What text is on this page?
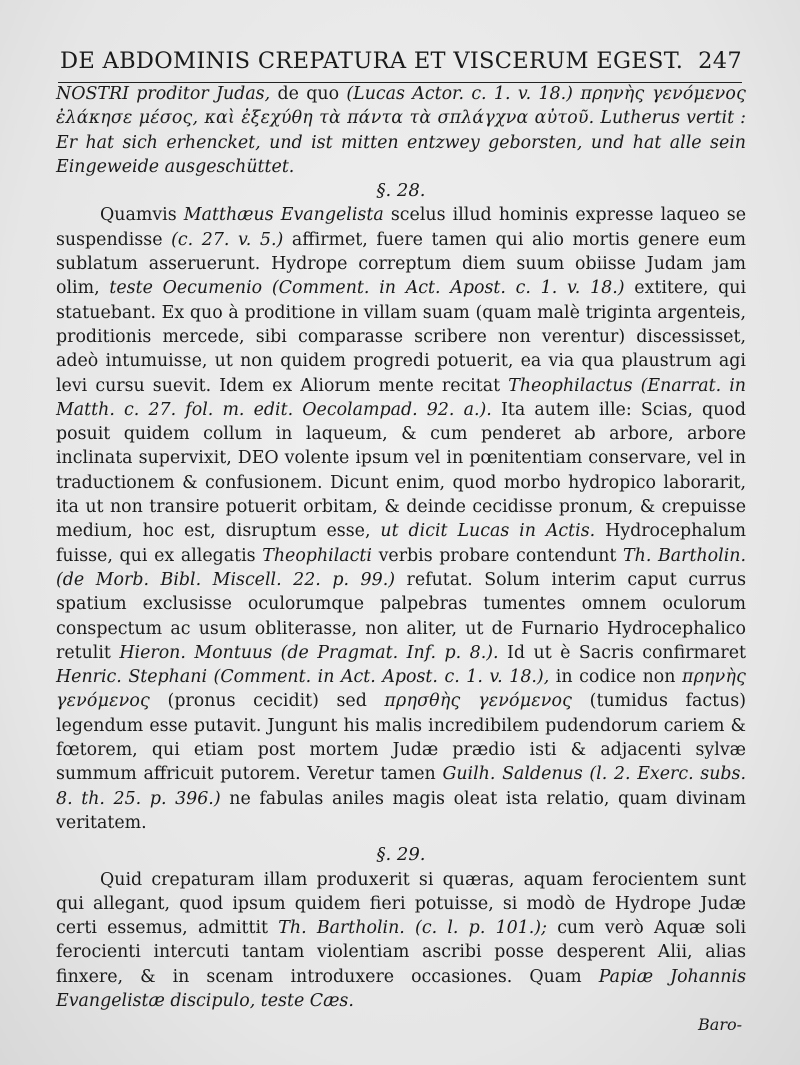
DE ABDOMINIS CREPATURA ET VISCERUM EGEST. 247

NOSTRI proditor Judas, de quo (Lucas Actor. c. 1. v. 18.) πρηνὴς γενόμενος ἐλάκησε μέσος, καὶ ἐξεχύθη τὰ πάντα τὰ σπλάγχνα αὐτοῦ. Lutherus vertit : Er hat sich erhencket, und ist mitten entzwey geborsten, und hat alle sein Eingeweide ausgeschüttet.

§. 28.

Quamvis Matthæus Evangelista scelus illud hominis expresse laqueo se suspendisse (c. 27. v. 5.) affirmet, fuere tamen qui alio mortis genere eum sublatum asseruerunt. Hydrope correptum diem suum obiisse Judam jam olim, teste Oecumenio (Comment. in Act. Apost. c. 1. v. 18.) extitere, qui statuebant. Ex quo à proditione in villam suam (quam malè triginta argenteis, proditionis mercede, sibi comparasse scribere non verentur) discessisset, adeò intumuisse, ut non quidem progredi potuerit, ea via qua plaustrum agi levi cursu suevit. Idem ex Aliorum mente recitat Theophilactus (Enarrat. in Matth. c. 27. fol. m. edit. Oecolampad. 92. a.). Ita autem ille: Scias, quod posuit quidem collum in laqueum, & cum penderet ab arbore, arbore inclinata supervixit, DEO volente ipsum vel in pœnitentiam conservare, vel in traductionem & confusionem. Dicunt enim, quod morbo hydropico laborarit, ita ut non transire potuerit orbitam, & deinde cecidisse pronum, & crepuisse medium, hoc est, disruptum esse, ut dicit Lucas in Actis. Hydrocephalum fuisse, qui ex allegatis Theophilacti verbis probare contendunt Th. Bartholin. (de Morb. Bibl. Miscell. 22. p. 99.) refutat. Solum interim caput currus spatium exclusisse oculorumque palpebras tumentes omnem oculorum conspectum ac usum obliterasse, non aliter, ut de Furnario Hydrocephalico retulit Hieron. Montuus (de Pragmat. Inf. p. 8.). Id ut è Sacris confirmaret Henric. Stephani (Comment. in Act. Apost. c. 1. v. 18.), in codice non πρηνὴς γενόμενος (pronus cecidit) sed πρησθὴς γενόμενος (tumidus factus) legendum esse putavit. Jungunt his malis incredibilem pudendorum cariem & fœtorem, qui etiam post mortem Judæ prædio isti & adjacenti sylvæ summum affricuit putorem. Veretur tamen Guilh. Saldenus (l. 2. Exerc. subs. 8. th. 25. p. 396.) ne fabulas aniles magis oleat ista relatio, quam divinam veritatem.

§. 29.

Quid crepaturam illam produxerit si quæras, aquam ferocientem sunt qui allegant, quod ipsum quidem fieri potuisse, si modò de Hydrope Judæ certi essemus, admittit Th. Bartholin. (c. l. p. 101.); cum verò Aquæ soli ferocienti intercuti tantam violentiam ascribi posse desperent Alii, alias finxere, & in scenam introduxere occasiones. Quam Papiæ Johannis Evangelistæ discipulo, teste Cæs.

Baro-
